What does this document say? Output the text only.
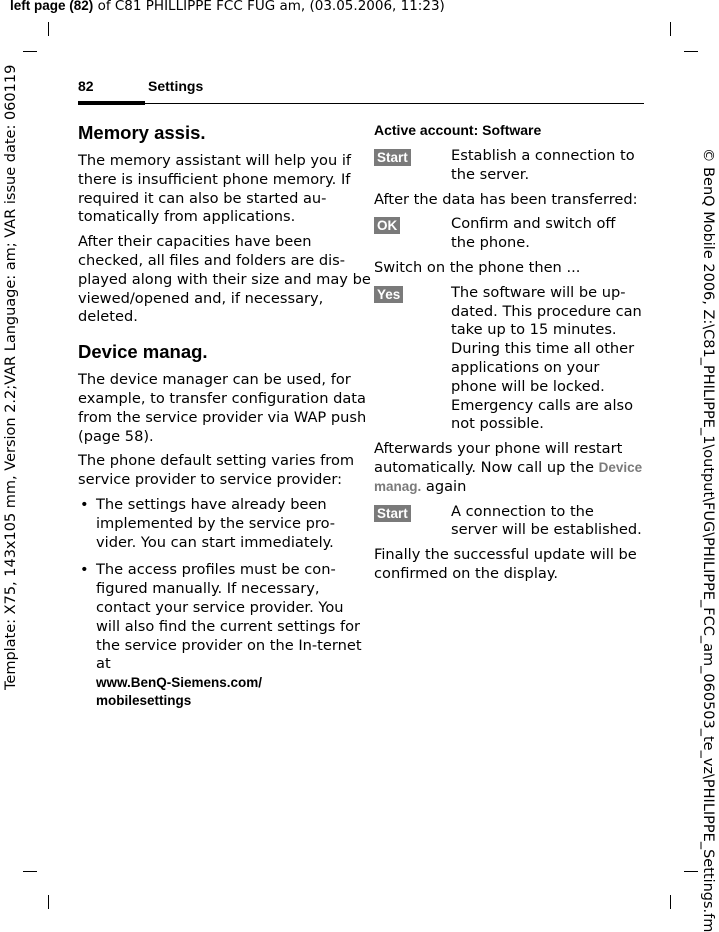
left page (82) of C81 PHILLIPPE FCC FUG am, (03.05.2006, 11:23)
Template: X75, 143x105 mm, Version 2.2;VAR Language: am; VAR issue date: 060119	© BenQ Mobile 2006, Z:\C81_PHILIPPE_1\output\FUG\PHILIPPE_FCC_am_060503_te_vz\PHILIPPE_Settings.fm
82	Settings
Memory assis.

The memory assistant will help you if there is insufficient phone memory. If required it can also be started au-tomatically from applications.

After their capacities have been checked, all files and folders are dis-played along with their size and may be viewed/opened and, if necessary, deleted.

Device manag.

The device manager can be used, for example, to transfer configuration data from the service provider via WAP push (page 58).

The phone default setting varies from service provider to service provider:

• The settings have already been implemented by the service pro-vider. You can start immediately.
• The access profiles must be con-figured manually. If necessary, contact your service provider. You will also find the current settings for the service provider on the In-ternet at
www.BenQ-Siemens.com/
mobilesettings
Active account: Software
Start	Establish a connection to the server.

After the data has been transferred:

OK	Confirm and switch off the phone.

Switch on the phone then ...

Yes	The software will be up-dated. This procedure can take up to 15 minutes. During this time all other applications on your phone will be locked. Emergency calls are also not possible.

Afterwards your phone will restart automatically. Now call up the Device manag. again

Start	A connection to the server will be established.

Finally the successful update will be confirmed on the display.
